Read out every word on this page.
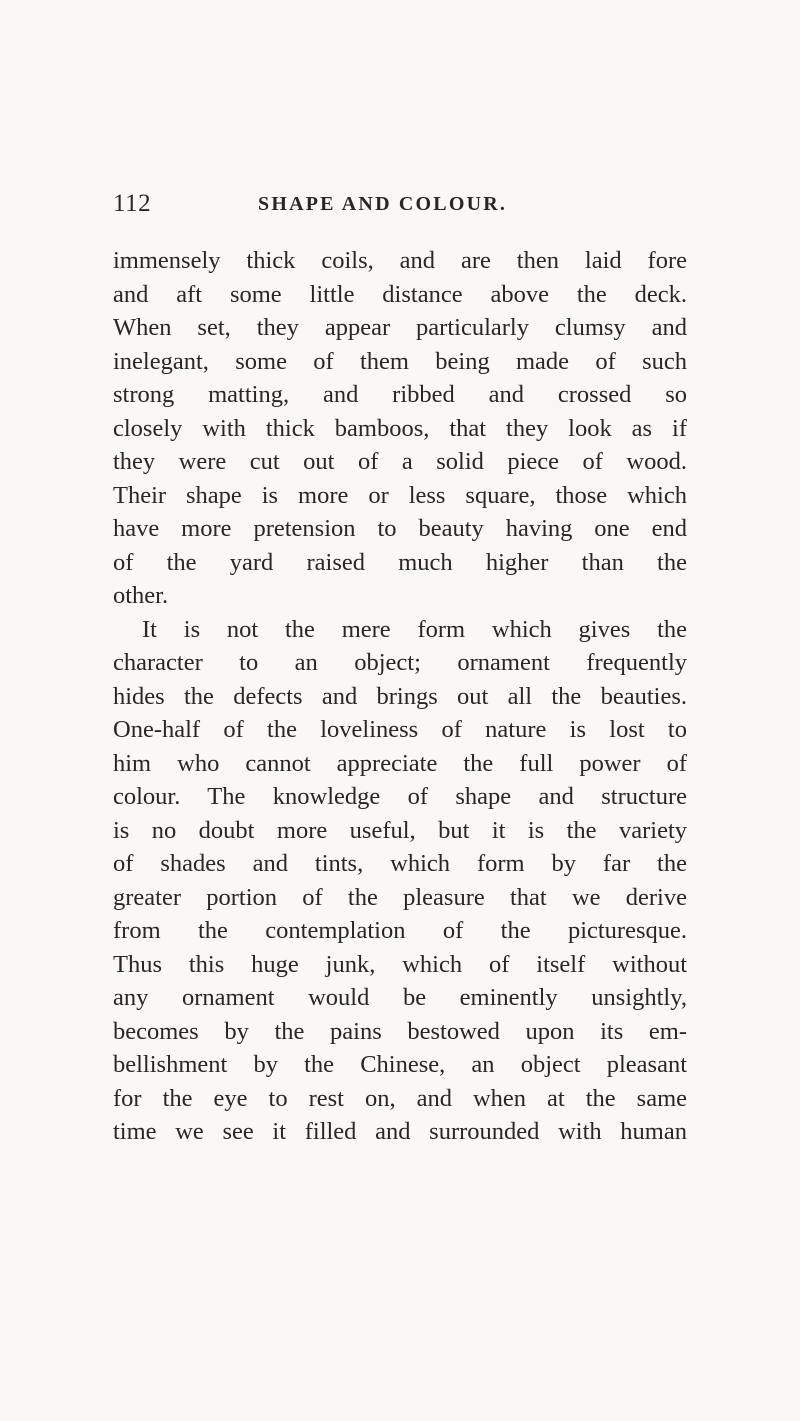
112	SHAPE AND COLOUR.
immensely thick coils, and are then laid fore
and aft some little distance above the deck.
When set, they appear particularly clumsy and
inelegant, some of them being made of such
strong matting, and ribbed and crossed so
closely with thick bamboos, that they look as if
they were cut out of a solid piece of wood.
Their shape is more or less square, those which
have more pretension to beauty having one end
of the yard raised much higher than the
other.
It is not the mere form which gives the
character to an object; ornament frequently
hides the defects and brings out all the beauties.
One-half of the loveliness of nature is lost to
him who cannot appreciate the full power of
colour. The knowledge of shape and structure
is no doubt more useful, but it is the variety
of shades and tints, which form by far the
greater portion of the pleasure that we derive
from the contemplation of the picturesque.
Thus this huge junk, which of itself without
any ornament would be eminently unsightly,
becomes by the pains bestowed upon its em-
bellishment by the Chinese, an object pleasant
for the eye to rest on, and when at the same
time we see it filled and surrounded with human
